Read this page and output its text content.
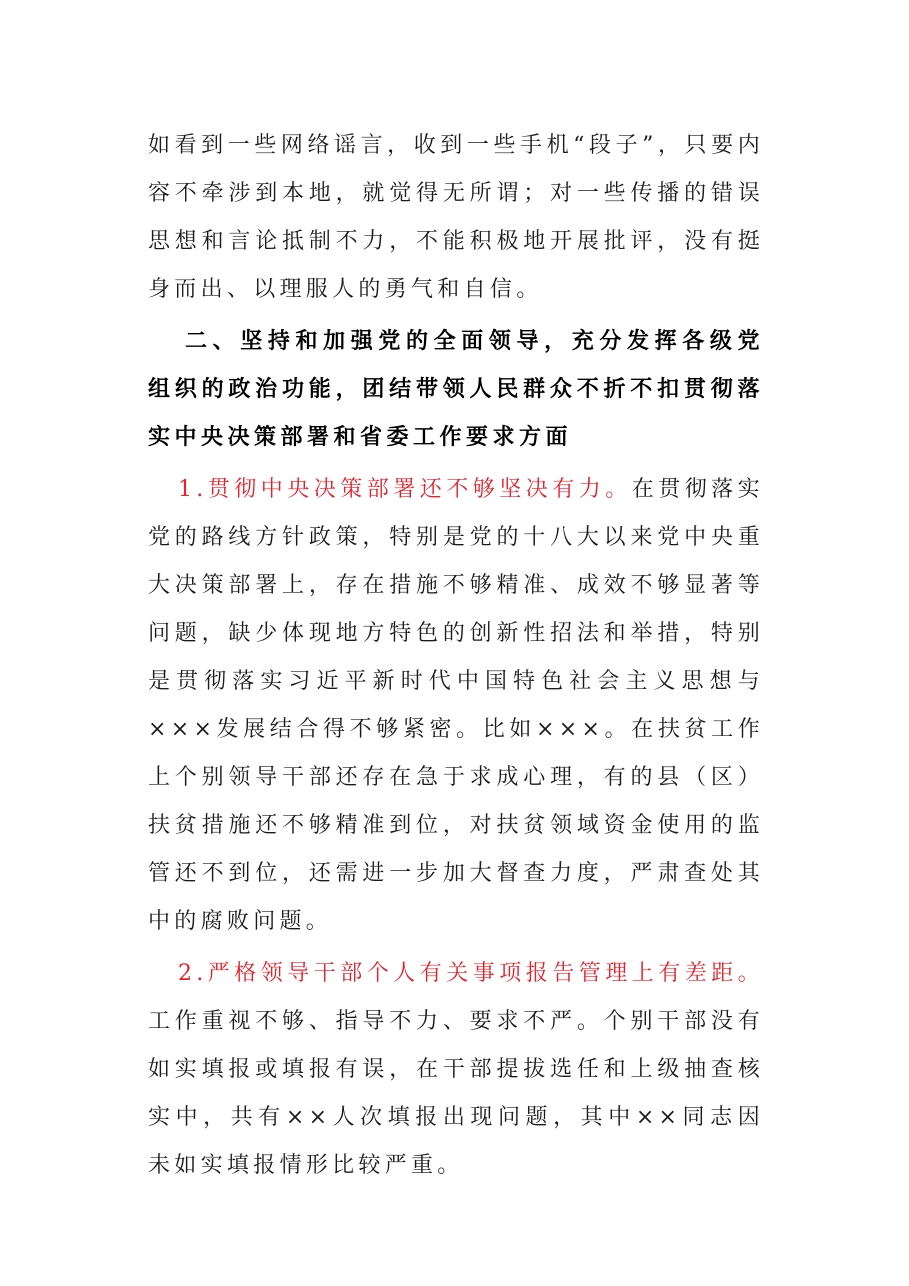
如看到一些网络谣言，收到一些手机“段子”，只要内容不牵涉到本地，就觉得无所谓；对一些传播的错误思想和言论抵制不力，不能积极地开展批评，没有挺身而出、以理服人的勇气和自信。

二、坚持和加强党的全面领导，充分发挥各级党组织的政治功能，团结带领人民群众不折不扣贯彻落实中央决策部署和省委工作要求方面

1.贯彻中央决策部署还不够坚决有力。在贯彻落实党的路线方针政策，特别是党的十八大以来党中央重大决策部署上，存在措施不够精准、成效不够显著等问题，缺少体现地方特色的创新性招法和举措，特别是贯彻落实习近平新时代中国特色社会主义思想与×××发展结合得不够紧密。比如×××。在扶贫工作上个别领导干部还存在急于求成心理，有的县（区）扶贫措施还不够精准到位，对扶贫领域资金使用的监管还不到位，还需进一步加大督查力度，严肃查处其中的腐败问题。

2.严格领导干部个人有关事项报告管理上有差距。工作重视不够、指导不力、要求不严。个别干部没有如实填报或填报有误，在干部提拔选任和上级抽查核实中，共有××人次填报出现问题，其中××同志因未如实填报情形比较严重。
